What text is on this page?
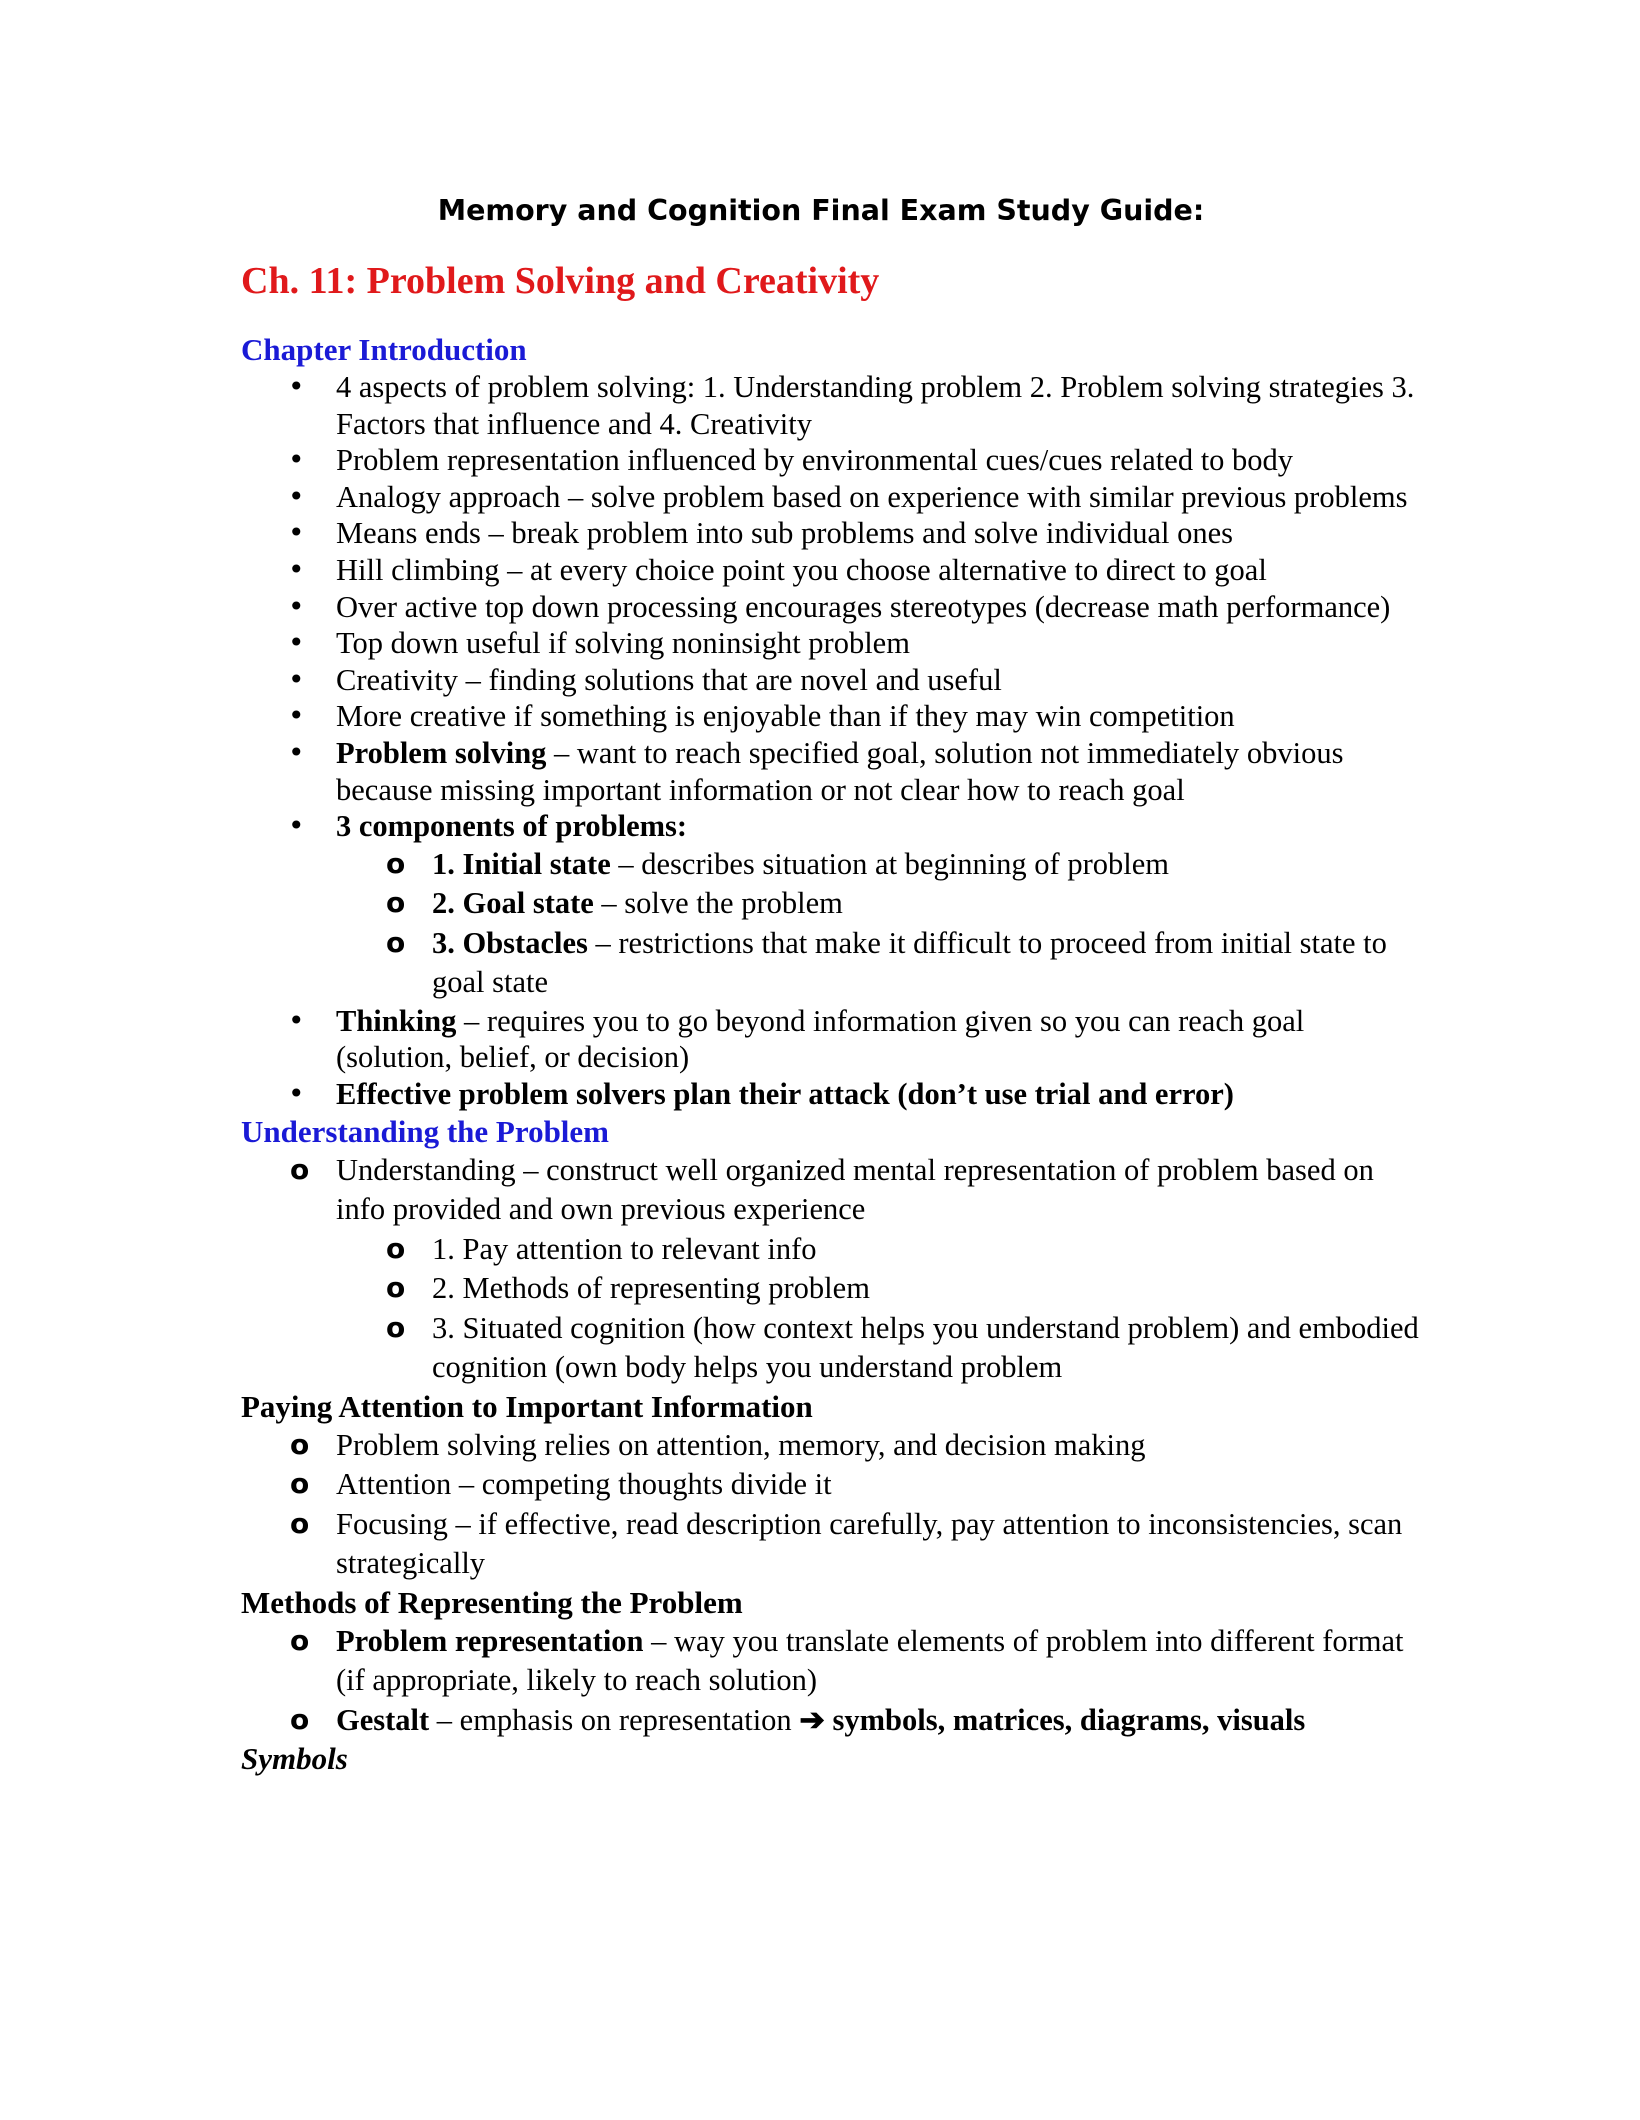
Memory and Cognition Final Exam Study Guide:
Ch. 11: Problem Solving and Creativity
Chapter Introduction
• 4 aspects of problem solving: 1. Understanding problem 2. Problem solving strategies 3. Factors that influence and 4. Creativity
• Problem representation influenced by environmental cues/cues related to body
• Analogy approach – solve problem based on experience with similar previous problems
• Means ends – break problem into sub problems and solve individual ones
• Hill climbing – at every choice point you choose alternative to direct to goal
• Over active top down processing encourages stereotypes (decrease math performance)
• Top down useful if solving noninsight problem
• Creativity – finding solutions that are novel and useful
• More creative if something is enjoyable than if they may win competition
• Problem solving – want to reach specified goal, solution not immediately obvious because missing important information or not clear how to reach goal
• 3 components of problems:
o 1. Initial state – describes situation at beginning of problem
o 2. Goal state – solve the problem
o 3. Obstacles – restrictions that make it difficult to proceed from initial state to goal state
• Thinking – requires you to go beyond information given so you can reach goal (solution, belief, or decision)
• Effective problem solvers plan their attack (don’t use trial and error)
Understanding the Problem
o Understanding – construct well organized mental representation of problem based on info provided and own previous experience
o 1. Pay attention to relevant info
o 2. Methods of representing problem
o 3. Situated cognition (how context helps you understand problem) and embodied cognition (own body helps you understand problem
Paying Attention to Important Information
o Problem solving relies on attention, memory, and decision making
o Attention – competing thoughts divide it
o Focusing – if effective, read description carefully, pay attention to inconsistencies, scan strategically
Methods of Representing the Problem
o Problem representation – way you translate elements of problem into different format (if appropriate, likely to reach solution)
o Gestalt – emphasis on representation ➔ symbols, matrices, diagrams, visuals
Symbols
